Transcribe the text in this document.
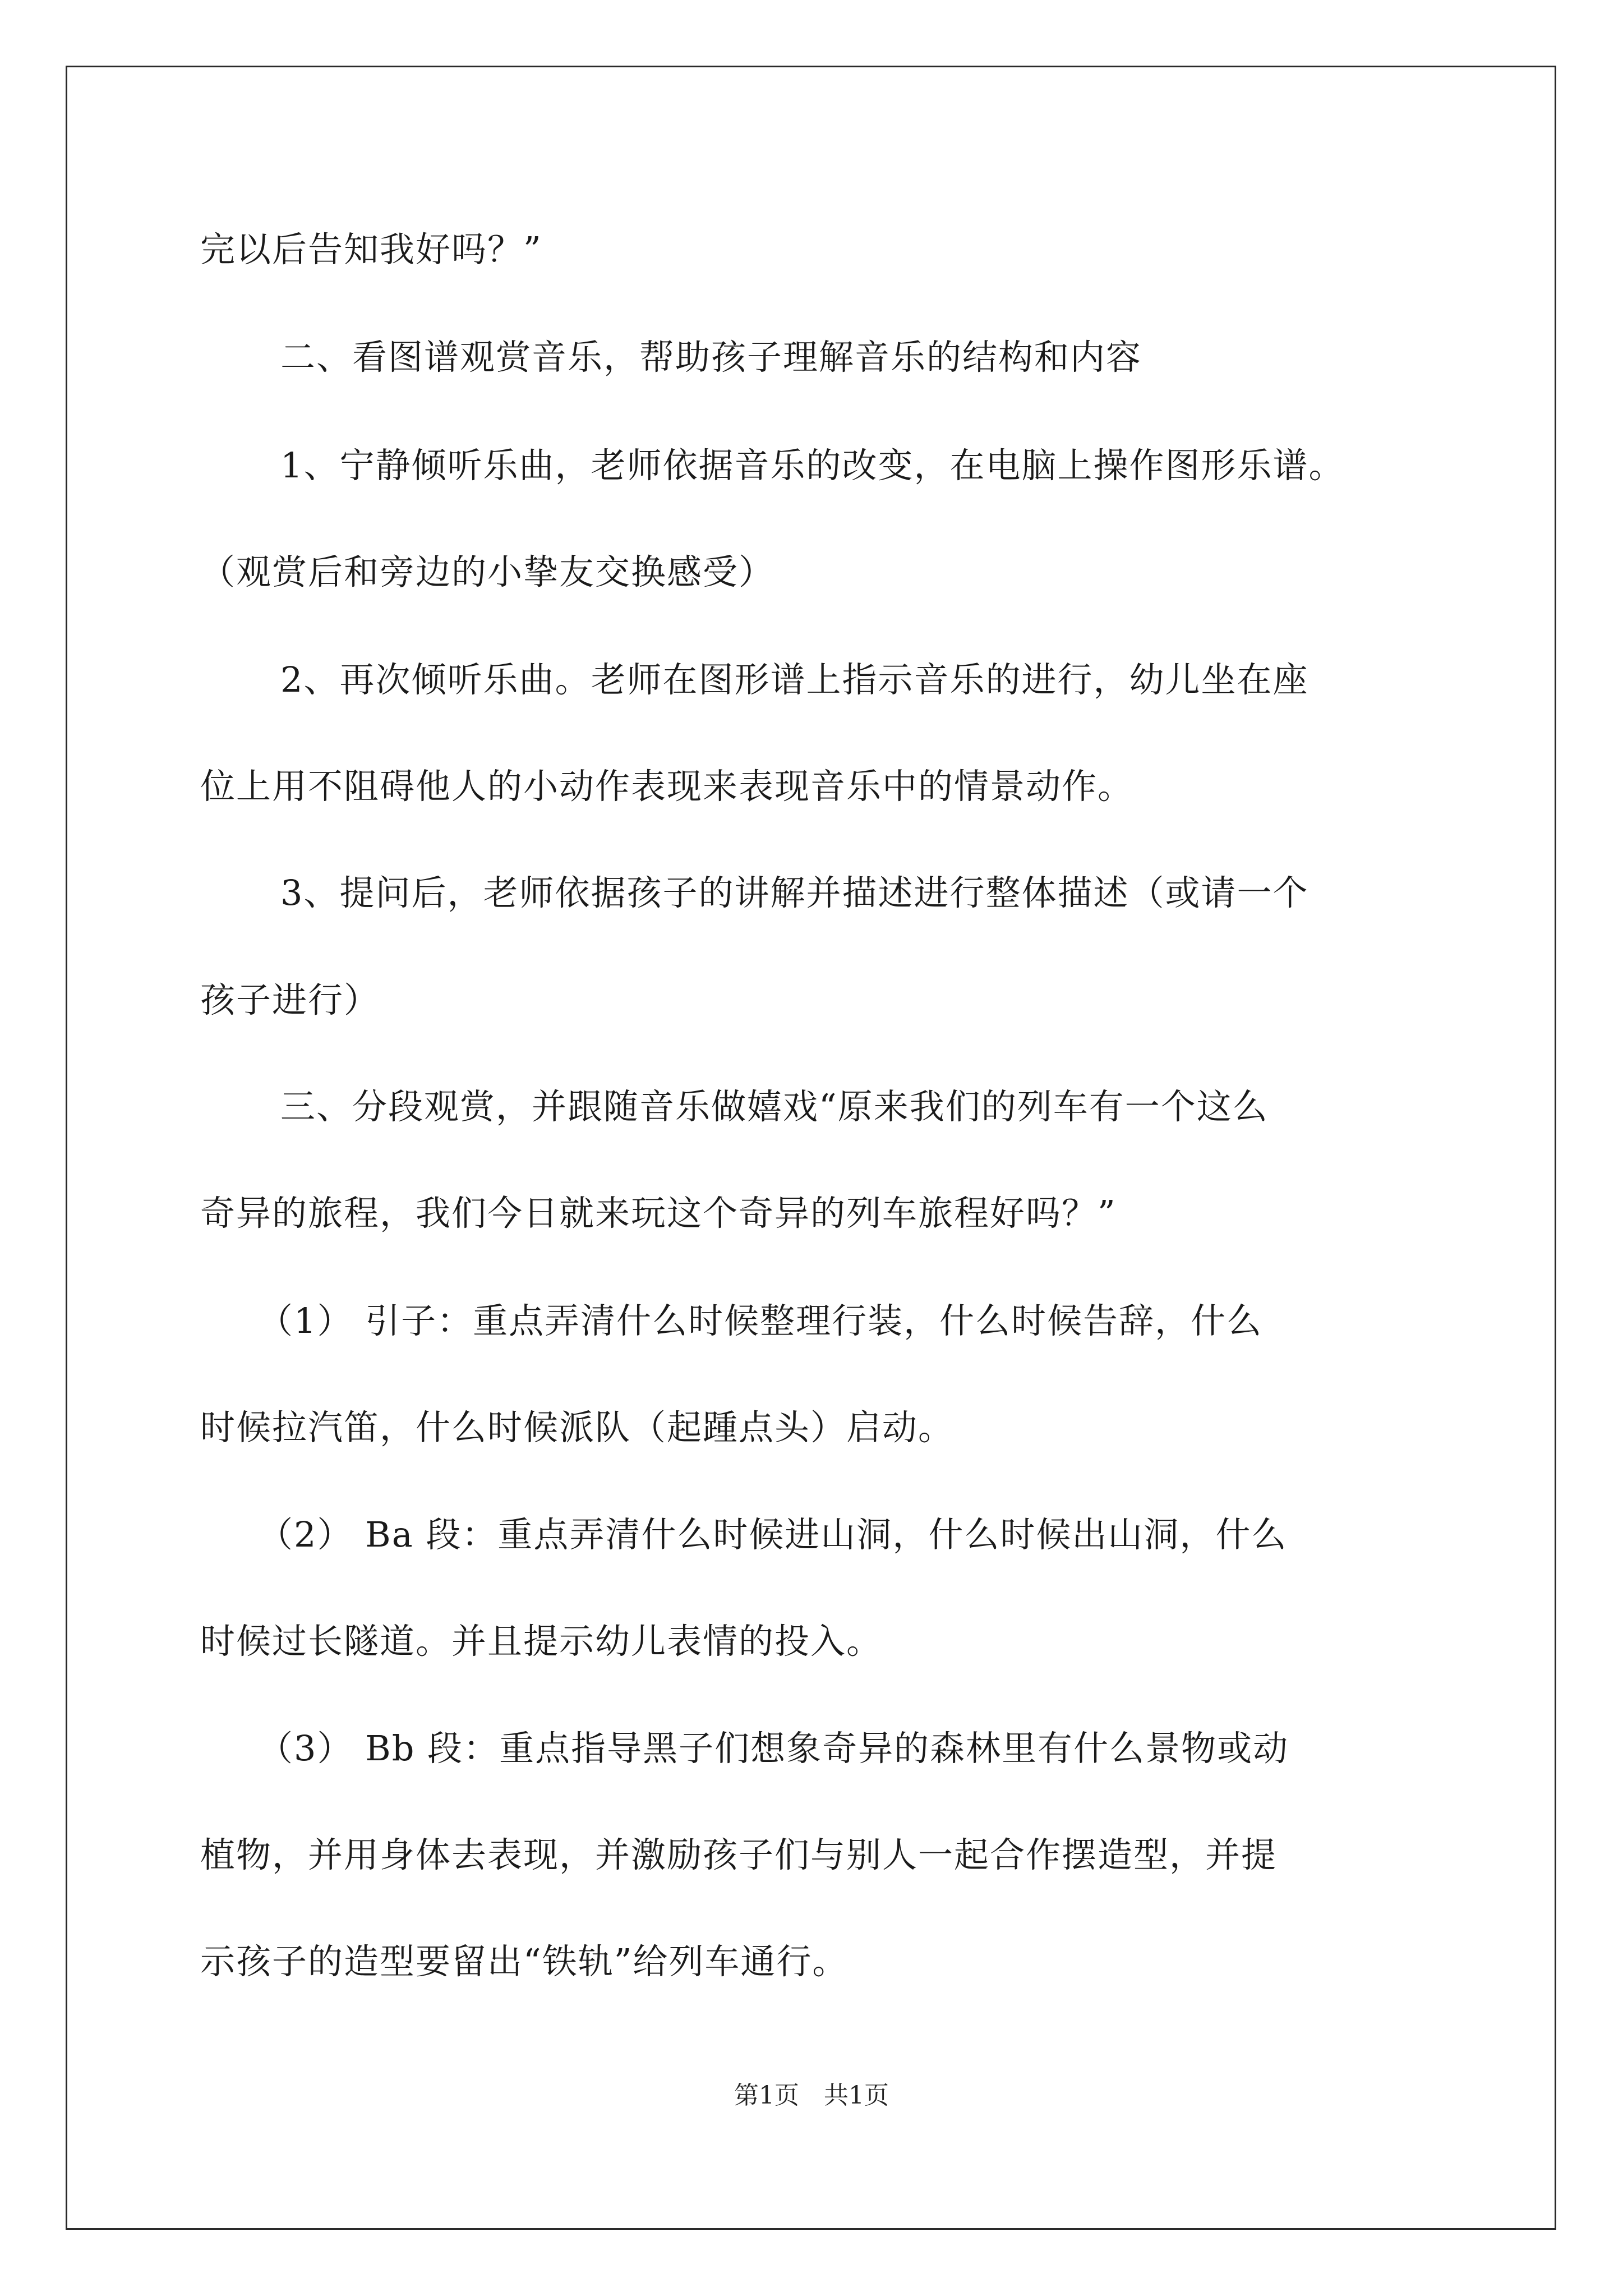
完以后告知我好吗？”
二、看图谱观赏音乐，帮助孩子理解音乐的结构和内容
1、宁静倾听乐曲，老师依据音乐的改变，在电脑上操作图形乐谱。
（观赏后和旁边的小挚友交换感受）
2、再次倾听乐曲。老师在图形谱上指示音乐的进行，幼儿坐在座
位上用不阻碍他人的小动作表现来表现音乐中的情景动作。
3、提问后，老师依据孩子的讲解并描述进行整体描述（或请一个
孩子进行）
三、分段观赏，并跟随音乐做嬉戏“原来我们的列车有一个这么
奇异的旅程，我们今日就来玩这个奇异的列车旅程好吗？”
（1） 引子：重点弄清什么时候整理行装，什么时候告辞，什么
时候拉汽笛，什么时候派队（起踵点头）启动。
（2） Ba 段：重点弄清什么时候进山洞，什么时候出山洞，什么
时候过长隧道。并且提示幼儿表情的投入。
（3） Bb 段：重点指导黑子们想象奇异的森林里有什么景物或动
植物，并用身体去表现，并激励孩子们与别人一起合作摆造型，并提
示孩子的造型要留出“铁轨”给列车通行。
第1页　共1页
